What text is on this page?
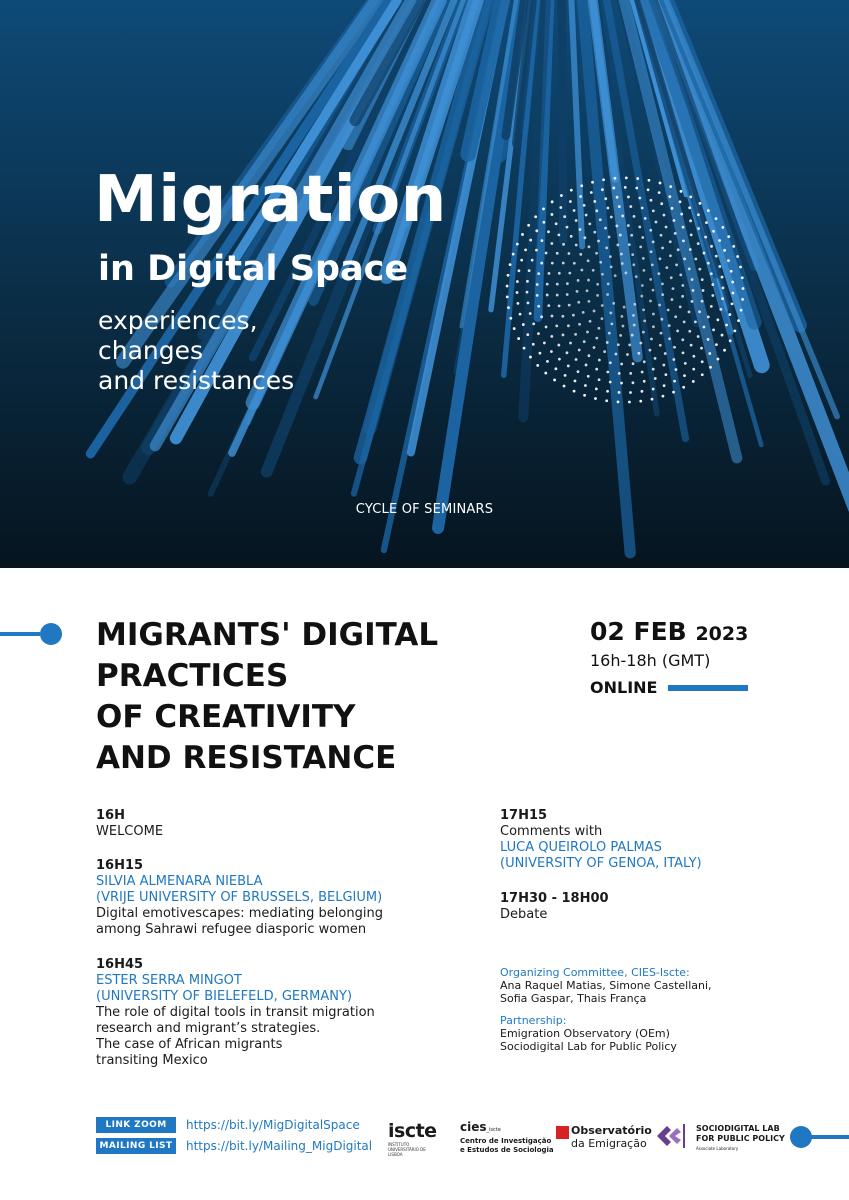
Migration
in Digital Space

experiences,
changes
and resistances

CYCLE OF SEMINARS
MIGRANTS' DIGITAL
PRACTICES
OF CREATIVITY
AND RESISTANCE
02 FEB 2023
16h-18h (GMT)
ONLINE
16H
WELCOME
16H15
SILVIA ALMENARA NIEBLA
(VRIJE UNIVERSITY OF BRUSSELS, BELGIUM)
Digital emotivescapes: mediating belonging
among Sahrawi refugee diasporic women
16H45
ESTER SERRA MINGOT
(UNIVERSITY OF BIELEFELD, GERMANY)
The role of digital tools in transit migration
research and migrant’s strategies.
The case of African migrants
transiting Mexico
17H15
Comments with
LUCA QUEIROLO PALMAS
(UNIVERSITY OF GENOA, ITALY)
17H30 - 18H00
Debate
Organizing Committee, CIES-Iscte:
Ana Raquel Matias, Simone Castellani,
Sofia Gaspar, Thais França
Partnership:
Emigration Observatory (OEm)
Sociodigital Lab for Public Policy
LINK ZOOM	https://bit.ly/MigDigitalSpace
MAILING LIST https://bit.ly/Mailing_MigDigital
iscte
INSTITUTO UNIVERSITÁRIO DE LISBOA
cies_iscte
Centro de Investigação
e Estudos de Sociologia
Observatório
da Emigração
SOCIODIGITAL LAB
FOR PUBLIC POLICY
Associate Laboratory
